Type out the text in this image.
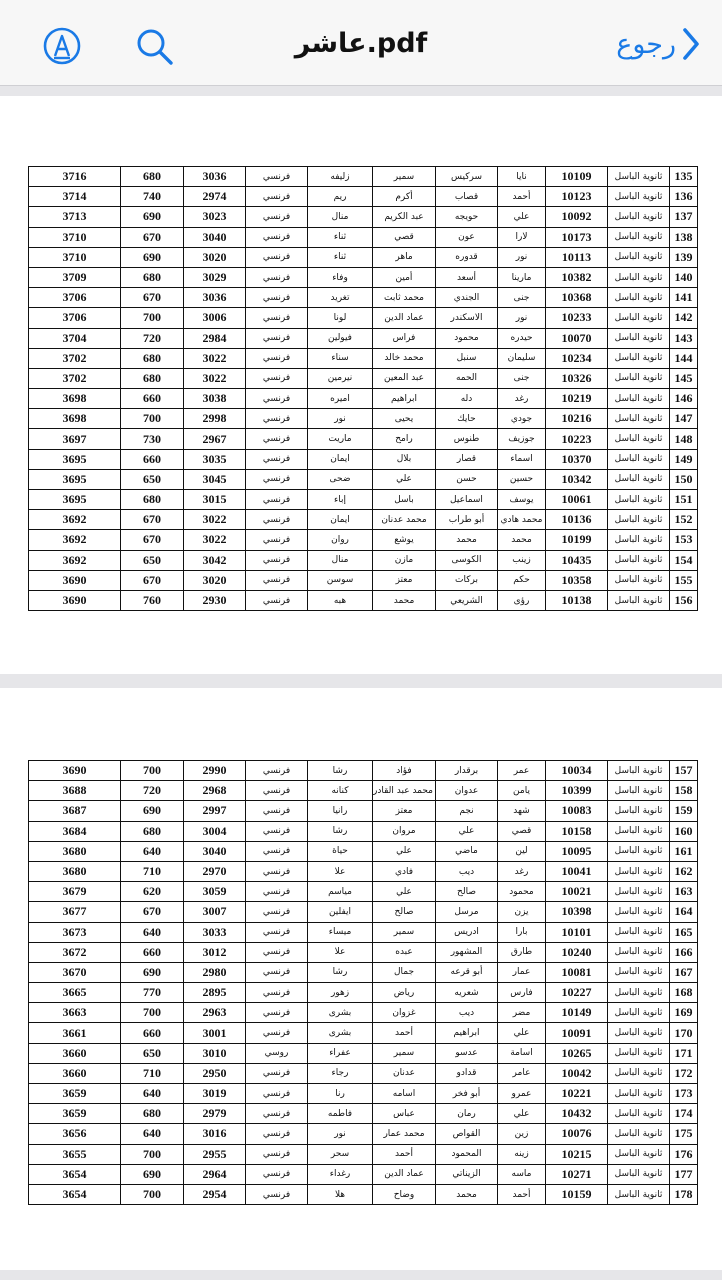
عاشر.pdf	رجوع
135	ثانوية الباسل	10109	نايا	سركيس	سمير	زليفه	فرنسي	3036	680	3716
136	ثانوية الباسل	10123	أحمد	قصاب	أكرم	ريم	فرنسي	2974	740	3714
137	ثانوية الباسل	10092	علي	حويجه	عبد الكريم	منال	فرنسي	3023	690	3713
138	ثانوية الباسل	10173	لارا	عون	قصي	ثناء	فرنسي	3040	670	3710
139	ثانوية الباسل	10113	نور	قدوره	ماهر	ثناء	فرنسي	3020	690	3710
140	ثانوية الباسل	10382	مارينا	أسعد	أمين	وفاء	فرنسي	3029	680	3709
141	ثانوية الباسل	10368	جنى	الجندي	محمد ثابت	تغريد	فرنسي	3036	670	3706
142	ثانوية الباسل	10233	نور	الاسكندر	عماد الدين	لونا	فرنسي	3006	700	3706
143	ثانوية الباسل	10070	حيدره	محمود	فراس	فيولين	فرنسي	2984	720	3704
144	ثانوية الباسل	10234	سليمان	سنبل	محمد خالد	سناء	فرنسي	3022	680	3702
145	ثانوية الباسل	10326	جنى	الحمه	عبد المعين	نيرمين	فرنسي	3022	680	3702
146	ثانوية الباسل	10219	رغد	دله	ابراهيم	اميره	فرنسي	3038	660	3698
147	ثانوية الباسل	10216	جودي	حايك	يحيى	نور	فرنسي	2998	700	3698
148	ثانوية الباسل	10223	جوزيف	طنوس	رامح	ماريت	فرنسي	2967	730	3697
149	ثانوية الباسل	10370	اسماء	قصار	بلال	ايمان	فرنسي	3035	660	3695
150	ثانوية الباسل	10342	حسين	حسن	علي	ضحى	فرنسي	3045	650	3695
151	ثانوية الباسل	10061	يوسف	اسماعيل	باسل	إباء	فرنسي	3015	680	3695
152	ثانوية الباسل	10136	محمد هادي	أبو طراب	محمد عدنان	ايمان	فرنسي	3022	670	3692
153	ثانوية الباسل	10199	محمد	محمد	يوشع	روان	فرنسي	3022	670	3692
154	ثانوية الباسل	10435	زينب	الكوسى	مازن	منال	فرنسي	3042	650	3692
155	ثانوية الباسل	10358	حكم	بركات	معتز	سوسن	فرنسي	3020	670	3690
156	ثانوية الباسل	10138	رؤى	الشريعي	محمد	هبه	فرنسي	2930	760	3690
157	ثانوية الباسل	10034	عمر	برقدار	فؤاد	رشا	فرنسي	2990	700	3690
158	ثانوية الباسل	10399	يامن	عدوان	محمد عبد القادر	كنانه	فرنسي	2968	720	3688
159	ثانوية الباسل	10083	شهد	نجم	معتز	رانيا	فرنسي	2997	690	3687
160	ثانوية الباسل	10158	قصي	علي	مروان	رشا	فرنسي	3004	680	3684
161	ثانوية الباسل	10095	لين	ماضي	علي	حياة	فرنسي	3040	640	3680
162	ثانوية الباسل	10041	رغد	ديب	فادي	علا	فرنسي	2970	710	3680
163	ثانوية الباسل	10021	محمود	صالح	علي	مياسم	فرنسي	3059	620	3679
164	ثانوية الباسل	10398	يزن	مرسل	صالح	ايفلين	فرنسي	3007	670	3677
165	ثانوية الباسل	10101	بارا	ادريس	سمير	ميساء	فرنسي	3033	640	3673
166	ثانوية الباسل	10240	طارق	المشهور	عبده	علا	فرنسي	3012	660	3672
167	ثانوية الباسل	10081	عمار	أبو قرعه	جمال	رشا	فرنسي	2980	690	3670
168	ثانوية الباسل	10227	فارس	شعريه	رياض	زهور	فرنسي	2895	770	3665
169	ثانوية الباسل	10149	مضر	ديب	غزوان	بشرى	فرنسي	2963	700	3663
170	ثانوية الباسل	10091	علي	ابراهيم	أحمد	بشرى	فرنسي	3001	660	3661
171	ثانوية الباسل	10265	اسامة	عدسو	سمير	عفراء	روسي	3010	650	3660
172	ثانوية الباسل	10042	عامر	قدادو	عدنان	رجاء	فرنسي	2950	710	3660
173	ثانوية الباسل	10221	عمرو	أبو فخر	اسامه	رنا	فرنسي	3019	640	3659
174	ثانوية الباسل	10432	علي	رمان	عباس	فاطمه	فرنسي	2979	680	3659
175	ثانوية الباسل	10076	زين	القواص	محمد عمار	نور	فرنسي	3016	640	3656
176	ثانوية الباسل	10215	زينه	المحمود	أحمد	سحر	فرنسي	2955	700	3655
177	ثانوية الباسل	10271	ماسه	الزيناتي	عماد الدين	رغداء	فرنسي	2964	690	3654
178	ثانوية الباسل	10159	أحمد	محمد	وضاح	هلا	فرنسي	2954	700	3654
